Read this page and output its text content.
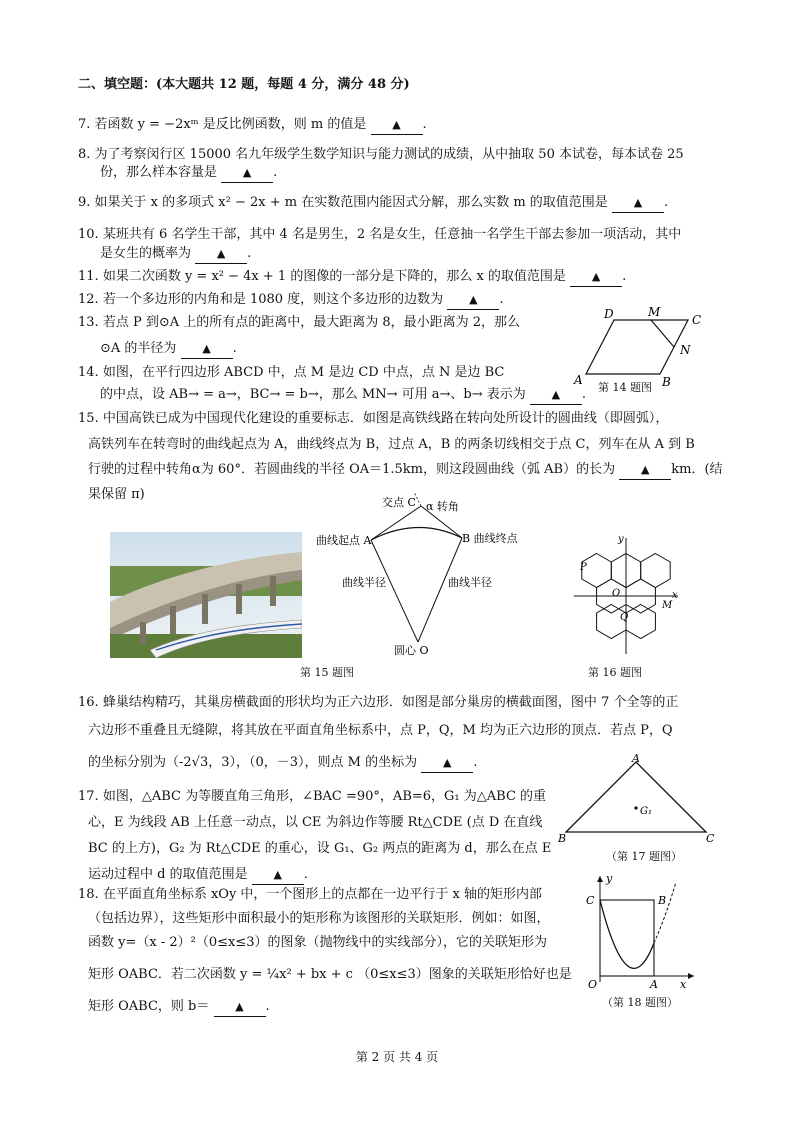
二、填空题：(本大题共 12 题，每题 4 分，满分 48 分)
7. 若函数 y = −2xᵐ 是反比例函数，则 m 的值是 ▲ .
8. 为了考察闵行区 15000 名九年级学生数学知识与能力测试的成绩，从中抽取 50 本试卷，每本试卷 25
份，那么样本容量是 ▲ .
9. 如果关于 x 的多项式 x² − 2x + m 在实数范围内能因式分解，那么实数 m 的取值范围是 ▲ .
10. 某班共有 6 名学生干部，其中 4 名是男生，2 名是女生，任意抽一名学生干部去参加一项活动，其中
是女生的概率为 ▲ .
11. 如果二次函数 y = x² − 4x + 1 的图像的一部分是下降的，那么 x 的取值范围是 ▲ .
12. 若一个多边形的内角和是 1080 度，则这个多边形的边数为 ▲ .
13. 若点 P 到⊙A 上的所有点的距离中，最大距离为 8，最小距离为 2，那么
⊙A 的半径为 ▲ .
14. 如图，在平行四边形 ABCD 中，点 M 是边 CD 中点，点 N 是边 BC
的中点，设 AB→ = a→，BC→ = b→，那么 MN→ 可用 a→、b→ 表示为 ▲ .
D	M
C
N
A	B
第 14 题图
15. 中国高铁已成为中国现代化建设的重要标志．如图是高铁线路在转向处所设计的圆曲线（即圆弧），
高铁列车在转弯时的曲线起点为 A，曲线终点为 B，过点 A，B 的两条切线相交于点 C，列车在从 A 到 B
行驶的过程中转角α为 60°．若圆曲线的半径 OA＝1.5km，则这段圆曲线（弧 AB）的长为 ▲ km．(结
果保留 π)
交点 C α 转角
曲线起点 A	B 曲线终点
曲线半径	曲线半径
圆心 O
第 15 题图
y
x
P
O
Q
M
第 16 题图
16. 蜂巢结构精巧，其巢房横截面的形状均为正六边形．如图是部分巢房的横截面图，图中 7 个全等的正
六边形不重叠且无缝隙，将其放在平面直角坐标系中，点 P，Q，M 均为正六边形的顶点．若点 P，Q
的坐标分别为（-2√3，3），（0，－3），则点 M 的坐标为 ▲ .
17. 如图，△ABC 为等腰直角三角形，∠BAC =90°，AB=6，G₁ 为△ABC 的重
心，E 为线段 AB 上任意一动点，以 CE 为斜边作等腰 Rt△CDE (点 D 在直线
BC 的上方)，G₂ 为 Rt△CDE 的重心，设 G₁、G₂ 两点的距离为 d，那么在点 E
运动过程中 d 的取值范围是 ▲ .
A
B	C
G₁
（第 17 题图）
18. 在平面直角坐标系 xOy 中，一个图形上的点都在一边平行于 x 轴的矩形内部
（包括边界），这些矩形中面积最小的矩形称为该图形的关联矩形．例如：如图，
函数 y=（x - 2）²（0≤x≤3）的图象（抛物线中的实线部分），它的关联矩形为
矩形 OABC．若二次函数 y = ¼x² + bx + c （0≤x≤3）图象的关联矩形恰好也是
矩形 OABC，则 b＝ ▲ .
y
C	B
O	A x
（第 18 题图）
第 2 页 共 4 页
